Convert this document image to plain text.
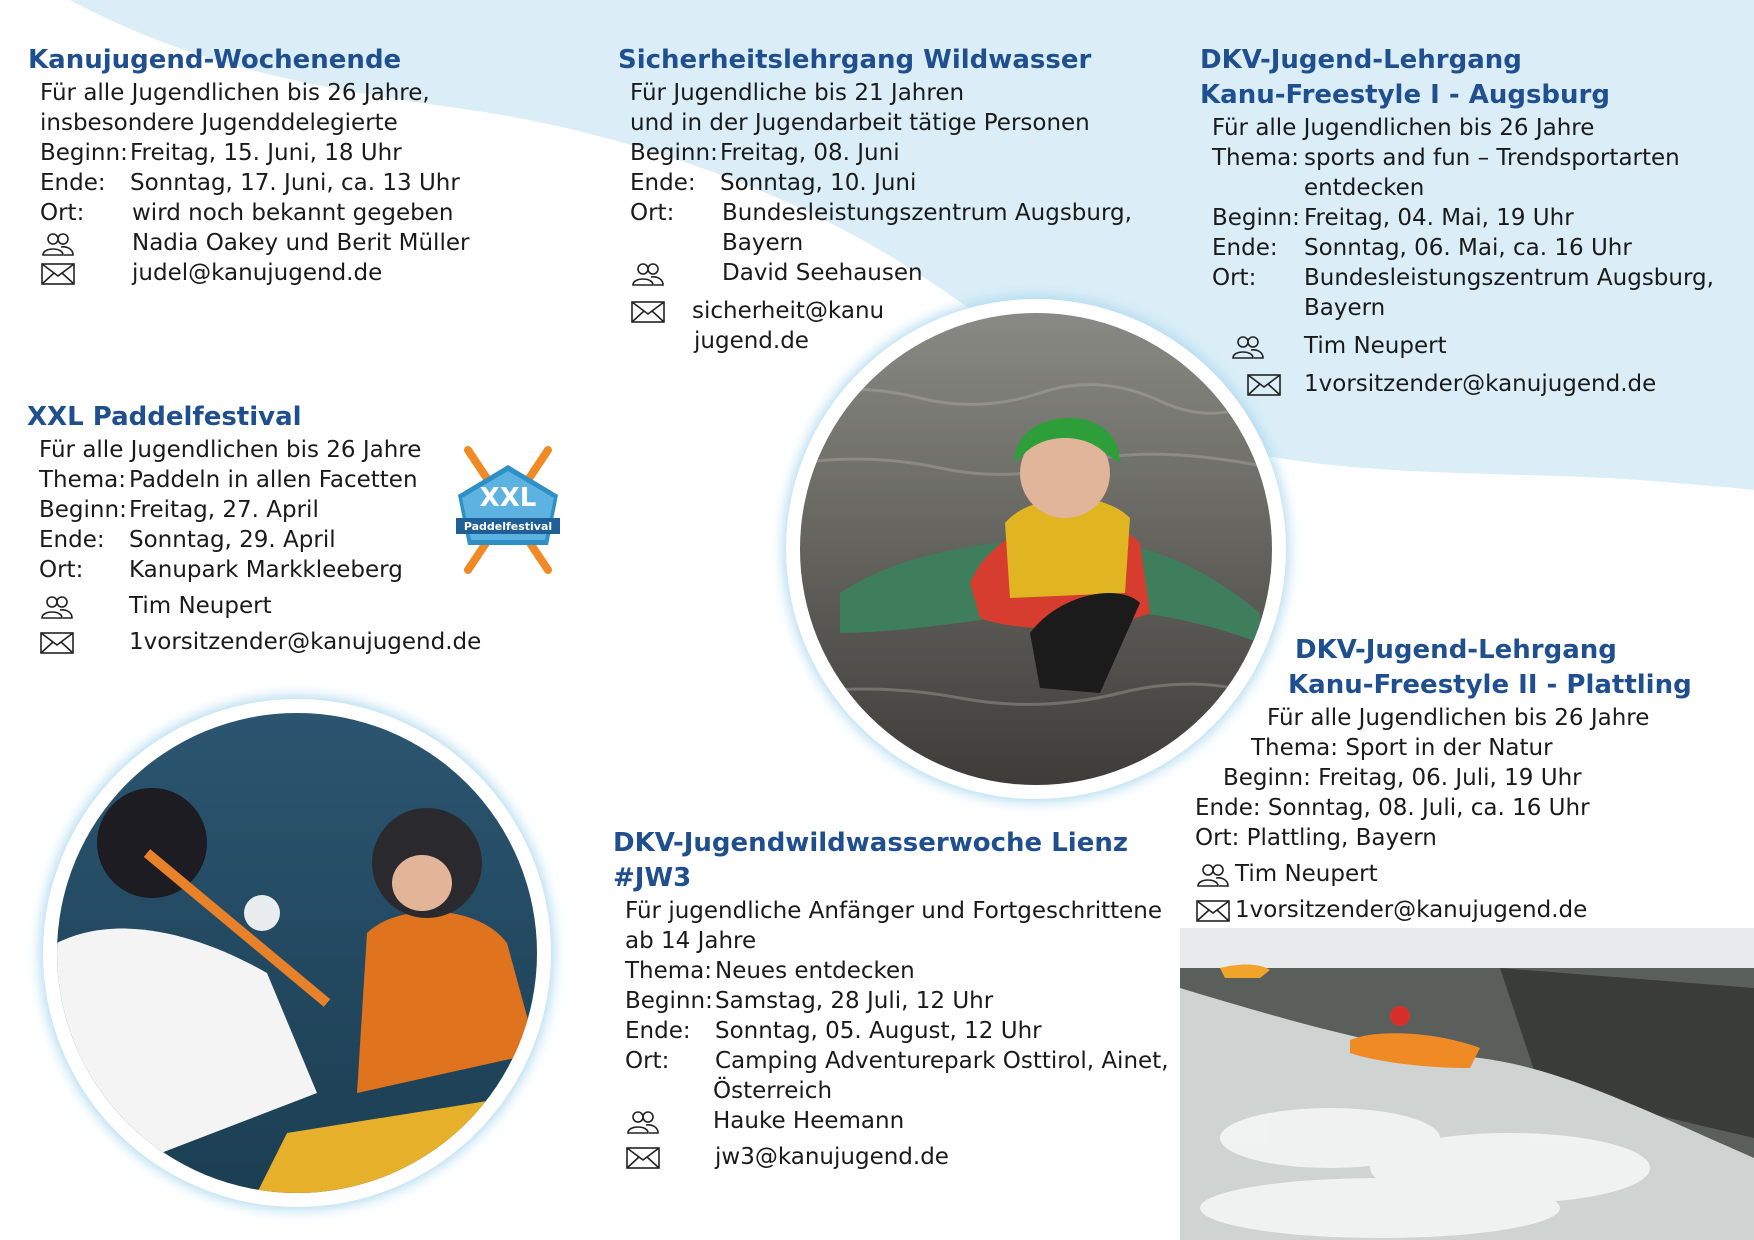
Kanujugend-Wochenende
Für alle Jugendlichen bis 26 Jahre,
insbesondere Jugenddelegierte
Beginn: Freitag, 15. Juni, 18 Uhr
Ende:	Sonntag, 17. Juni, ca. 13 Uhr
Ort:	wird noch bekannt gegeben
Nadia Oakey und Berit Müller
judel@kanujugend.de
XXL Paddelfestival
Für alle Jugendlichen bis 26 Jahre
Thema: Paddeln in allen Facetten
Beginn: Freitag, 27. April
Ende:	Sonntag, 29. April
Ort:	Kanupark Markkleeberg
Tim Neupert
1vorsitzender@kanujugend.de
XXL
Paddelfestival
Sicherheitslehrgang Wildwasser
Für Jugendliche bis 21 Jahren
und in der Jugendarbeit tätige Personen
Beginn: Freitag, 08. Juni
Ende:	Sonntag, 10. Juni
Ort:	Bundesleistungszentrum Augsburg,
Bayern
David Seehausen
sicherheit@kanu
jugend.de
DKV-Jugend-Lehrgang
Kanu-Freestyle I - Augsburg
Für alle Jugendlichen bis 26 Jahre
Thema: sports and fun – Trendsportarten
entdecken
Beginn: Freitag, 04. Mai, 19 Uhr
Ende:	Sonntag, 06. Mai, ca. 16 Uhr
Ort:	Bundesleistungszentrum Augsburg,
Bayern
Tim Neupert
1vorsitzender@kanujugend.de
DKV-Jugend-Lehrgang
Kanu-Freestyle II - Plattling
Für alle Jugendlichen bis 26 Jahre
Thema: Sport in der Natur
Beginn: Freitag, 06. Juli, 19 Uhr
Ende: Sonntag, 08. Juli, ca. 16 Uhr
Ort: Plattling, Bayern
Tim Neupert
1vorsitzender@kanujugend.de
DKV-Jugendwildwasserwoche Lienz
#JW3
Für jugendliche Anfänger und Fortgeschrittene
ab 14 Jahre
Thema: Neues entdecken
Beginn: Samstag, 28 Juli, 12 Uhr
Ende:	Sonntag, 05. August, 12 Uhr
Ort:	Camping Adventurepark Osttirol, Ainet,
Österreich
Hauke Heemann
jw3@kanujugend.de
